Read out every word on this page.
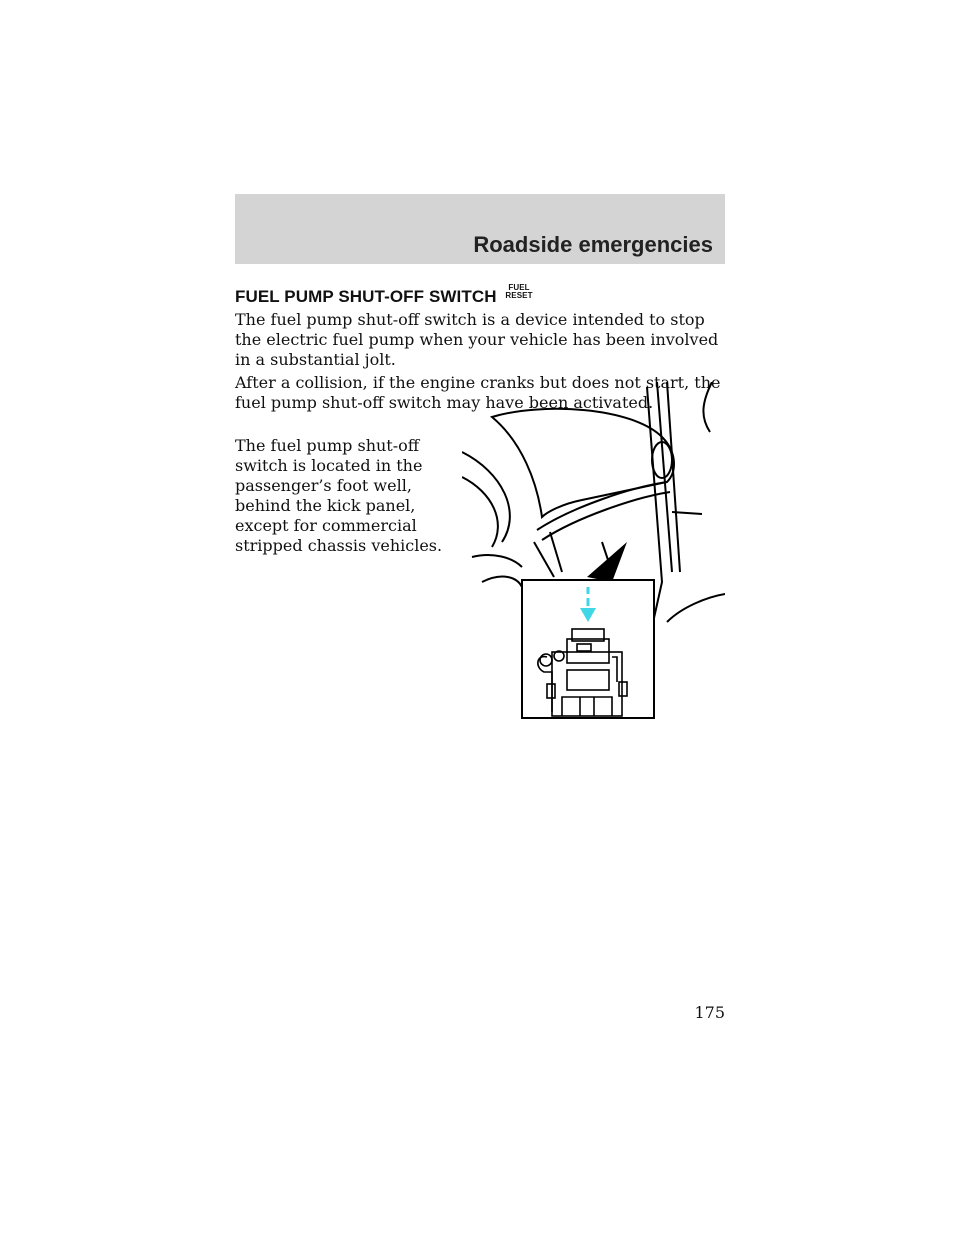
Roadside emergencies
FUEL PUMP SHUT-OFF SWITCH	FUEL
RESET

The fuel pump shut-off switch is a device intended to stop the electric fuel pump when your vehicle has been involved in a substantial jolt.

After a collision, if the engine cranks but does not start, the fuel pump shut-off switch may have been activated.

The fuel pump shut-off switch is located in the passenger’s foot well, behind the kick panel, except for commercial stripped chassis vehicles.

175
